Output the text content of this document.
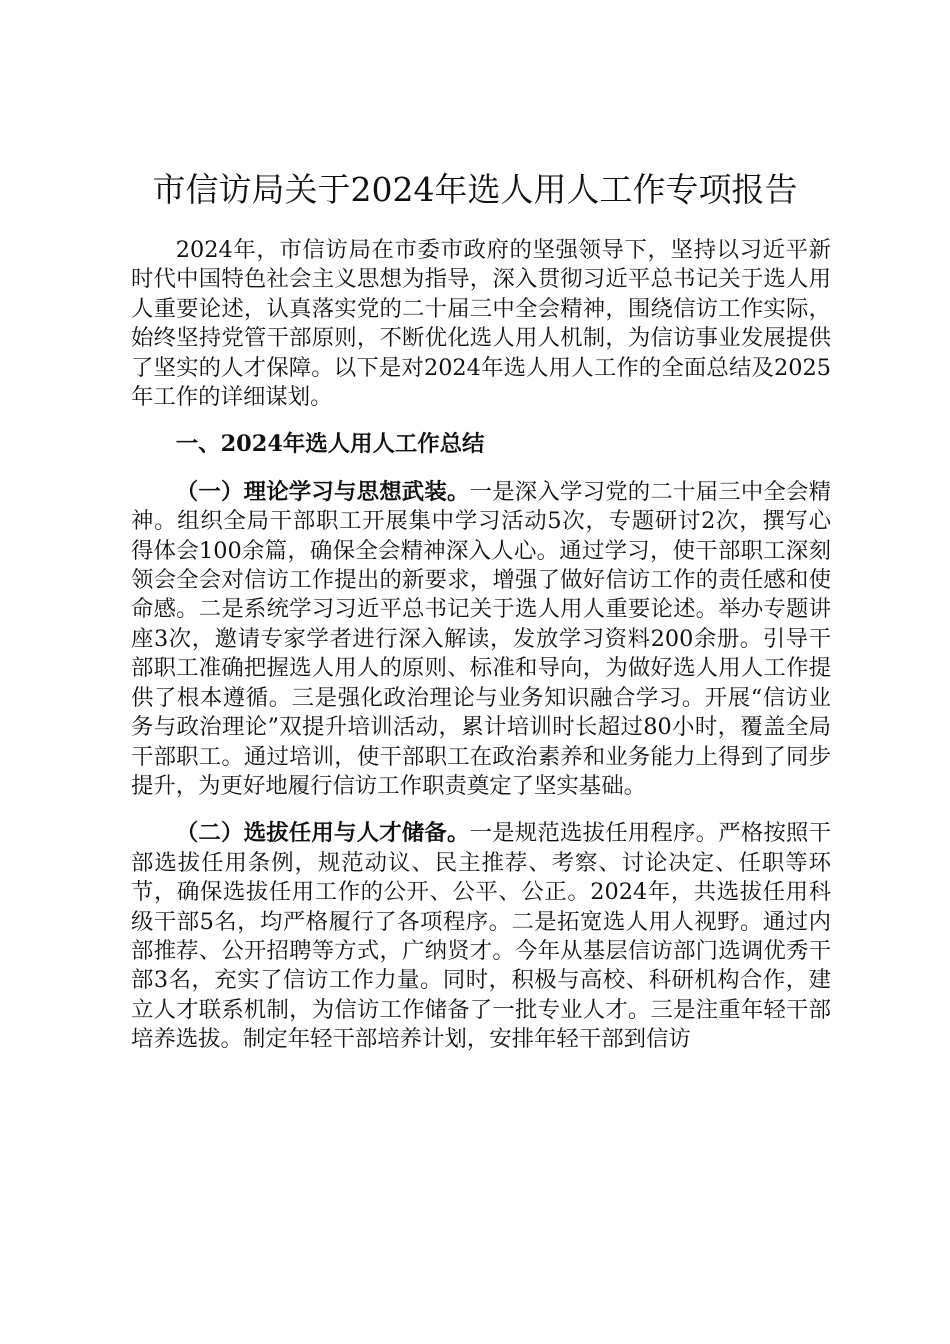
市信访局关于2024年选人用人工作专项报告

2024年，市信访局在市委市政府的坚强领导下，坚持以习近平新时代中国特色社会主义思想为指导，深入贯彻习近平总书记关于选人用人重要论述，认真落实党的二十届三中全会精神，围绕信访工作实际，始终坚持党管干部原则，不断优化选人用人机制，为信访事业发展提供了坚实的人才保障。以下是对2024年选人用人工作的全面总结及2025年工作的详细谋划。

一、2024年选人用人工作总结

（一）理论学习与思想武装。一是深入学习党的二十届三中全会精神。组织全局干部职工开展集中学习活动5次，专题研讨2次，撰写心得体会100余篇，确保全会精神深入人心。通过学习，使干部职工深刻领会全会对信访工作提出的新要求，增强了做好信访工作的责任感和使命感。二是系统学习习近平总书记关于选人用人重要论述。举办专题讲座3次，邀请专家学者进行深入解读，发放学习资料200余册。引导干部职工准确把握选人用人的原则、标准和导向，为做好选人用人工作提供了根本遵循。三是强化政治理论与业务知识融合学习。开展“信访业务与政治理论”双提升培训活动，累计培训时长超过80小时，覆盖全局干部职工。通过培训，使干部职工在政治素养和业务能力上得到了同步提升，为更好地履行信访工作职责奠定了坚实基础。

（二）选拔任用与人才储备。一是规范选拔任用程序。严格按照干部选拔任用条例，规范动议、民主推荐、考察、讨论决定、任职等环节，确保选拔任用工作的公开、公平、公正。2024年，共选拔任用科级干部5名，均严格履行了各项程序。二是拓宽选人用人视野。通过内部推荐、公开招聘等方式，广纳贤才。今年从基层信访部门选调优秀干部3名，充实了信访工作力量。同时，积极与高校、科研机构合作，建立人才联系机制，为信访工作储备了一批专业人才。三是注重年轻干部培养选拔。制定年轻干部培养计划，安排年轻干部到信访
